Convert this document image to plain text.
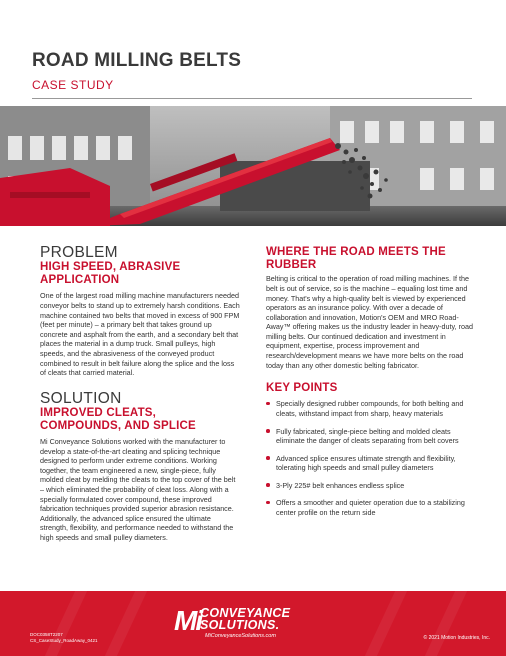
ROAD MILLING BELTS
CASE STUDY
PROBLEM
HIGH SPEED, ABRASIVE APPLICATION

One of the largest road milling machine manufacturers needed conveyor belts to stand up to extremely harsh conditions. Each machine contained two belts that moved in excess of 900 FPM (feet per minute) – a primary belt that takes ground up concrete and asphalt from the earth, and a secondary belt that places the material in a dump truck. Small pulleys, high speeds, and the abrasiveness of the conveyed product combined to result in belt failure along the splice and the loss of cleats that carried material.

SOLUTION
IMPROVED CLEATS, COMPOUNDS, AND SPLICE

Mi Conveyance Solutions worked with the manufacturer to develop a state-of-the-art cleating and splicing technique designed to perform under extreme conditions. Working together, the team engineered a new, single-piece, fully molded cleat by melding the cleats to the top cover of the belt – which eliminated the probability of cleat loss. Along with a specially formulated cover compound, these improved fabrication techniques provided superior abrasion resistance. Additionally, the advanced splice ensured the ultimate strength, flexibility, and performance needed to withstand the high speeds and small pulley diameters.

WHERE THE ROAD MEETS THE RUBBER

Belting is critical to the operation of road milling machines. If the belt is out of service, so is the machine – equaling lost time and money. That's why a high-quality belt is viewed by experienced operators as an insurance policy. With over a decade of collaboration and innovation, Motion's OEM and MRO Road-Away™ offering makes us the industry leader in heavy-duty, road milling belts. Our continued dedication and investment in equipment, expertise, process improvement and research/development means we have more belts on the road today than any other domestic belting fabricator.

KEY POINTS
Specially designed rubber compounds, for both belting and cleats, withstand impact from sharp, heavy materials
Fully fabricated, single-piece belting and molded cleats eliminate the danger of cleats separating from belt covers
Advanced splice ensures ultimate strength and flexibility, tolerating high speeds and small pulley diameters
3-Ply 225# belt enhances endless splice
Offers a smoother and quieter operation due to a stabilizing center profile on the return side
Mi
CONVEYANCE
SOLUTIONS.
MiConveyanceSolutions.com
DOC0358T2207
CS_CaseStudy_RoadAway_0421	© 2021 Motion Industries, Inc.
